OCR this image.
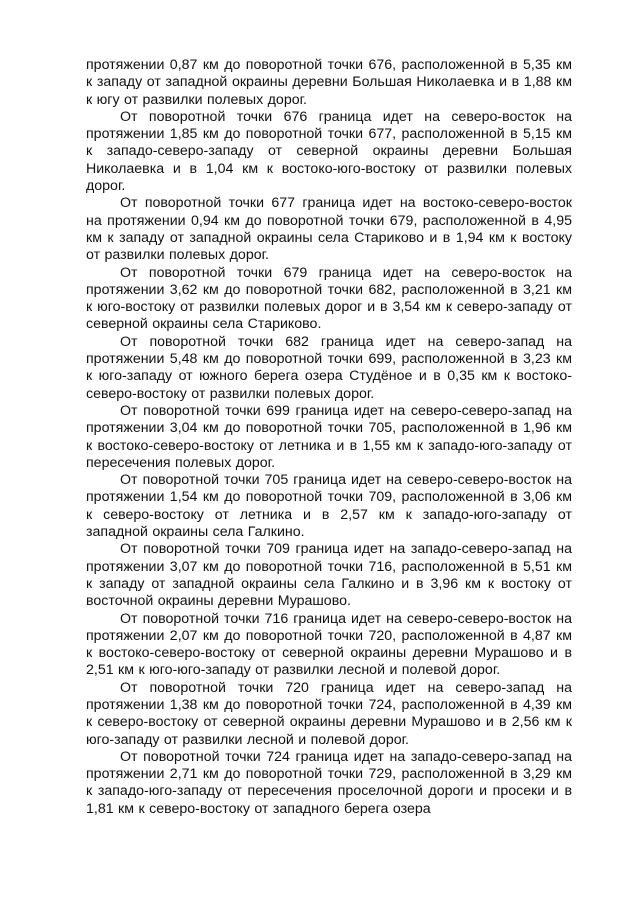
протяжении 0,87 км до поворотной точки 676, расположенной в 5,35 км к западу от западной окраины деревни Большая Николаевка и в 1,88 км к югу от развилки полевых дорог.
От поворотной точки 676 граница идет на северо-восток на протяжении 1,85 км до поворотной точки 677, расположенной в 5,15 км к западо-северо-западу от северной окраины деревни Большая Николаевка и в 1,04 км к востоко-юго-востоку от развилки полевых дорог.
От поворотной точки 677 граница идет на востоко-северо-восток на протяжении 0,94 км до поворотной точки 679, расположенной в 4,95 км к западу от западной окраины села Стариково и в 1,94 км к востоку от развилки полевых дорог.
От поворотной точки 679 граница идет на северо-восток на протяжении 3,62 км до поворотной точки 682, расположенной в 3,21 км к юго-востоку от развилки полевых дорог и в 3,54 км к северо-западу от северной окраины села Стариково.
От поворотной точки 682 граница идет на северо-запад на протяжении 5,48 км до поворотной точки 699, расположенной в 3,23 км к юго-западу от южного берега озера Студёное и в 0,35 км к востоко-северо-востоку от развилки полевых дорог.
От поворотной точки 699 граница идет на северо-северо-запад на протяжении 3,04 км до поворотной точки 705, расположенной в 1,96 км к востоко-северо-востоку от летника и в 1,55 км к западо-юго-западу от пересечения полевых дорог.
От поворотной точки 705 граница идет на северо-северо-восток на протяжении 1,54 км до поворотной точки 709, расположенной в 3,06 км к северо-востоку от летника и в 2,57 км к западо-юго-западу от западной окраины села Галкино.
От поворотной точки 709 граница идет на западо-северо-запад на протяжении 3,07 км до поворотной точки 716, расположенной в 5,51 км к западу от западной окраины села Галкино и в 3,96 км к востоку от восточной окраины деревни Мурашово.
От поворотной точки 716 граница идет на северо-северо-восток на протяжении 2,07 км до поворотной точки 720, расположенной в 4,87 км к востоко-северо-востоку от северной окраины деревни Мурашово и в 2,51 км к юго-юго-западу от развилки лесной и полевой дорог.
От поворотной точки 720 граница идет на северо-запад на протяжении 1,38 км до поворотной точки 724, расположенной в 4,39 км к северо-востоку от северной окраины деревни Мурашово и в 2,56 км к юго-западу от развилки лесной и полевой дорог.
От поворотной точки 724 граница идет на западо-северо-запад на протяжении 2,71 км до поворотной точки 729, расположенной в 3,29 км к западо-юго-западу от пересечения проселочной дороги и просеки и в 1,81 км к северо-востоку от западного берега озера
